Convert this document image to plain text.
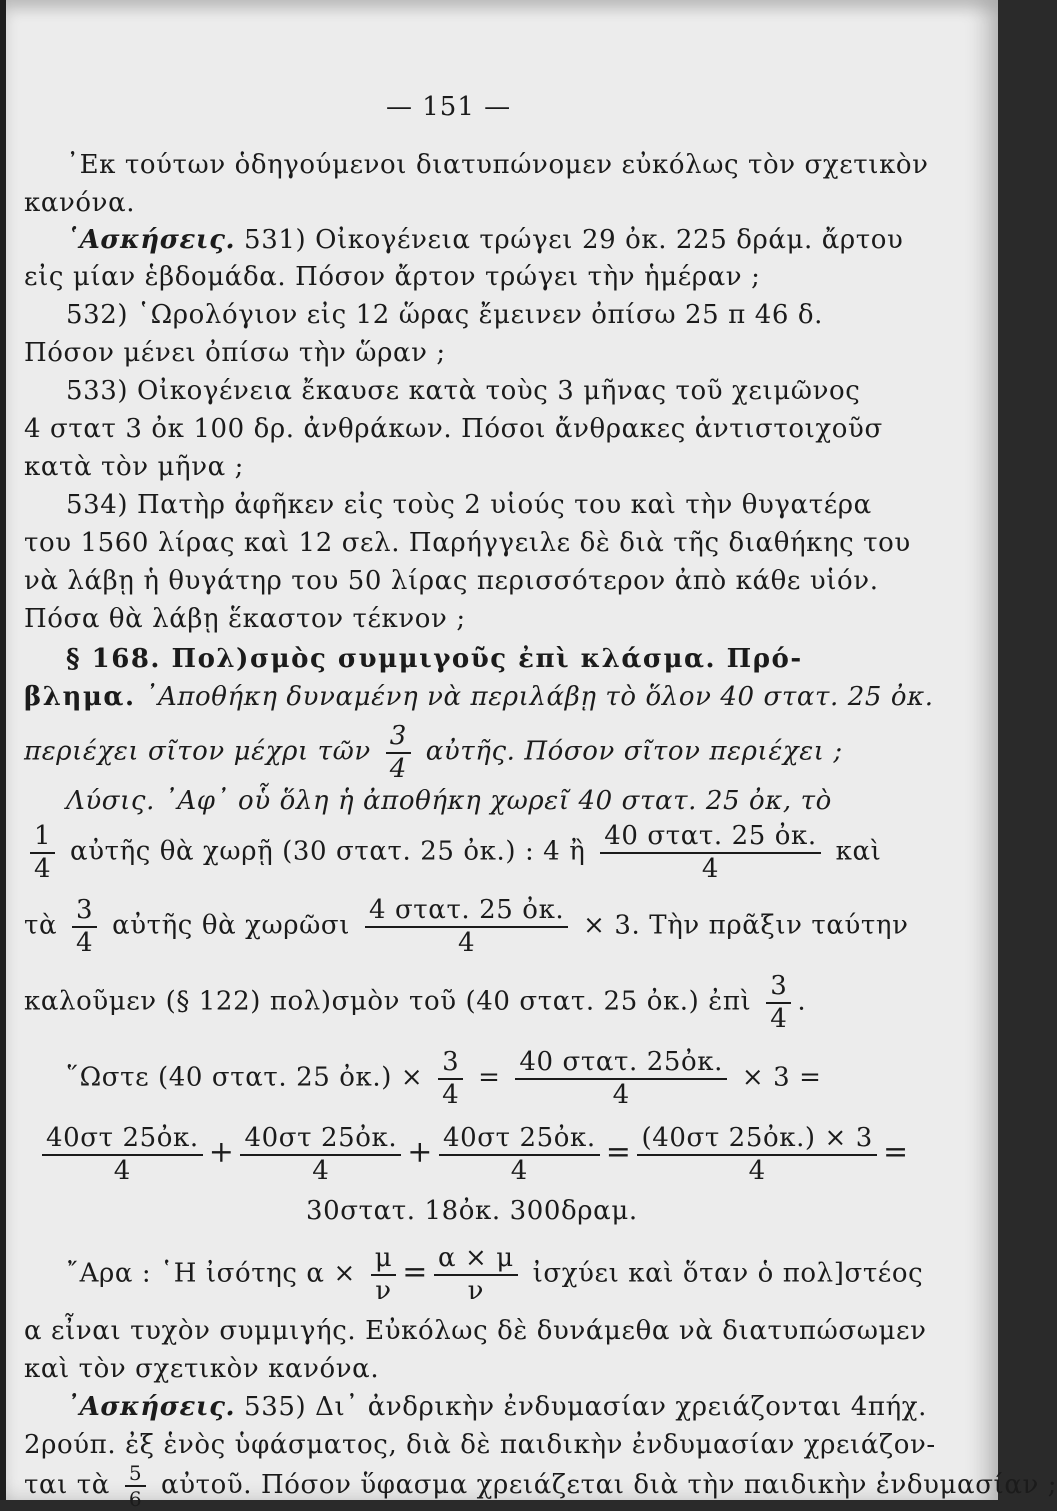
— 151 —
᾿Εκ τούτων ὁδηγούμενοι διατυπώνομεν εὐκόλως τὸν σχετικὸν
κανόνα.
῾Ασκήσεις. 531) Οἰκογένεια τρώγει 29 ὀκ. 225 δράμ. ἄρτου
εἰς μίαν ἑβδομάδα. Πόσον ἄρτον τρώγει τὴν ἡμέραν ;
532) ῾Ωρολόγιον εἰς 12 ὥρας ἔμεινεν ὀπίσω 25 π 46 δ.
Πόσον μένει ὀπίσω τὴν ὥραν ;
533) Οἰκογένεια ἔκαυσε κατὰ τοὺς 3 μῆνας τοῦ χειμῶνος
4 στατ 3 ὀκ 100 δρ. ἀνθράκων. Πόσοι ἄνθρακες ἀντιστοιχοῦσ
κατὰ τὸν μῆνα ;
534) Πατὴρ ἀφῆκεν εἰς τοὺς 2 υἱούς του καὶ τὴν θυγατέρα
του 1560 λίρας καὶ 12 σελ. Παρήγγειλε δὲ διὰ τῆς διαθήκης του
νὰ λάβῃ ἡ θυγάτηρ του 50 λίρας περισσότερον ἀπὸ κάθε υἱόν.
Πόσα θὰ λάβῃ ἕκαστον τέκνον ;
§ 168. Πολ)σμὸς συμμιγοῦς ἐπὶ κλάσμα. Πρό-
βλημα. ᾿Αποθήκη δυναμένη νὰ περιλάβῃ τὸ ὅλον 40 στατ. 25 ὀκ.
περιέχει σῖτον μέχρι τῶν $\frac{3}{4}$ αὐτῆς. Πόσον σῖτον περιέχει ;
Λύσις. ᾿Αφ᾿ οὗ ὅλη ἡ ἀποθήκη χωρεῖ 40 στατ. 25 ὀκ, τὸ
$\frac{1}{4}$ αὐτῆς θὰ χωρῇ (30 στατ. 25 ὀκ.) : 4 ἢ $\frac{\text{40 στατ. 25 ὀκ.}}{4}$ καὶ
τὰ $\frac{3}{4}$ αὐτῆς θὰ χωρῶσι $\frac{\text{4 στατ. 25 ὀκ.}}{4} \times 3$. Τὴν πρᾶξιν ταύτην
καλοῦμεν (§ 122) πολ)σμὸν τοῦ (40 στατ. 25 ὀκ.) ἐπὶ $\frac{3}{4}$ .
῞Ωστε (40 στατ. 25 ὀκ.) × $\frac{3}{4} = \frac{\text{40 στατ. 25ὀκ.}}{4} \times 3$ =
$\frac{\text{40στ 25ὀκ.}}{4} + \frac{\text{40στ 25ὀκ.}}{4} + \frac{\text{40στ 25ὀκ.}}{4} = \frac{\text{(40στ 25ὀκ.) × 3}}{4}$ =
30στατ. 18ὀκ. 300δραμ.
῎Αρα : ῾Η ἰσότης $\alpha \times \frac{\mu}{\nu} = \frac{\alpha \times \mu}{\nu}$ ἰσχύει καὶ ὅταν ὁ πολ]στέος
α εἶναι τυχὸν συμμιγής. Εὐκόλως δὲ δυνάμεθα νὰ διατυπώσωμεν
καὶ τὸν σχετικὸν κανόνα.
᾿Ασκήσεις. 535) Δι᾿ ἀνδρικὴν ἐνδυμασίαν χρειάζονται 4πήχ.
2ρούπ. ἐξ ἑνὸς ὑφάσματος, διὰ δὲ παιδικὴν ἐνδυμασίαν χρειάζον-
ται τὰ $\frac{5}{6}$ αὐτοῦ. Πόσον ὕφασμα χρειάζεται διὰ τὴν παιδικὴν ἐνδυμασίαν ;
